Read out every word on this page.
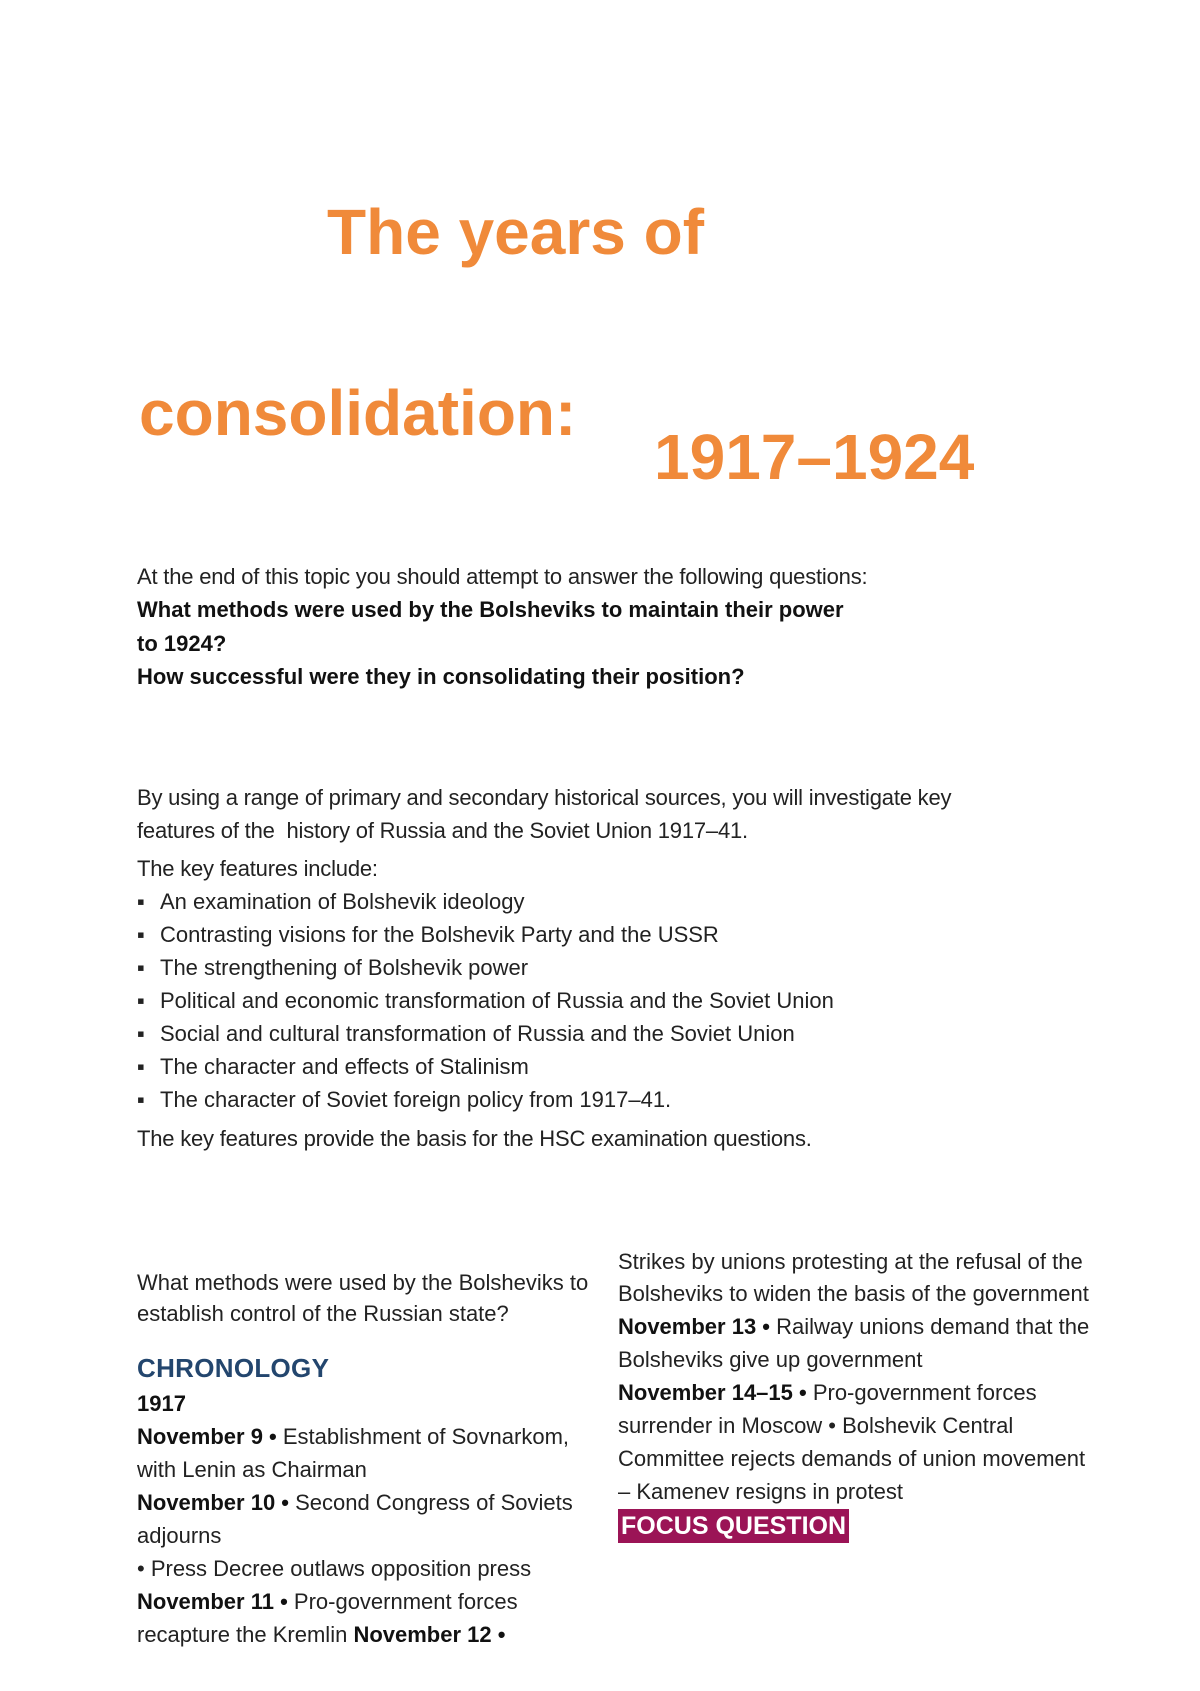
The years of
consolidation:
1917–1924
At the end of this topic you should attempt to answer the following questions:
What methods were used by the Bolsheviks to maintain their power
to 1924?
How successful were they in consolidating their position?
By using a range of primary and secondary historical sources, you will investigate key
features of the  history of Russia and the Soviet Union 1917–41.
The key features include:
▪ An examination of Bolshevik ideology
▪ Contrasting visions for the Bolshevik Party and the USSR
▪ The strengthening of Bolshevik power
▪ Political and economic transformation of Russia and the Soviet Union
▪ Social and cultural transformation of Russia and the Soviet Union
▪ The character and effects of Stalinism
▪ The character of Soviet foreign policy from 1917–41.
The key features provide the basis for the HSC examination questions.
What methods were used by the Bolsheviks to establish control of the Russian state?
CHRONOLOGY
1917
November 9 • Establishment of Sovnarkom, with Lenin as Chairman
November 10 • Second Congress of Soviets adjourns
• Press Decree outlaws opposition press
November 11 • Pro-government forces recapture the Kremlin November 12 •
Strikes by unions protesting at the refusal of the Bolsheviks to widen the basis of the government
November 13 • Railway unions demand that the Bolsheviks give up government
November 14–15 • Pro-government forces surrender in Moscow • Bolshevik Central Committee rejects demands of union movement – Kamenev resigns in protest
FOCUS QUESTION
